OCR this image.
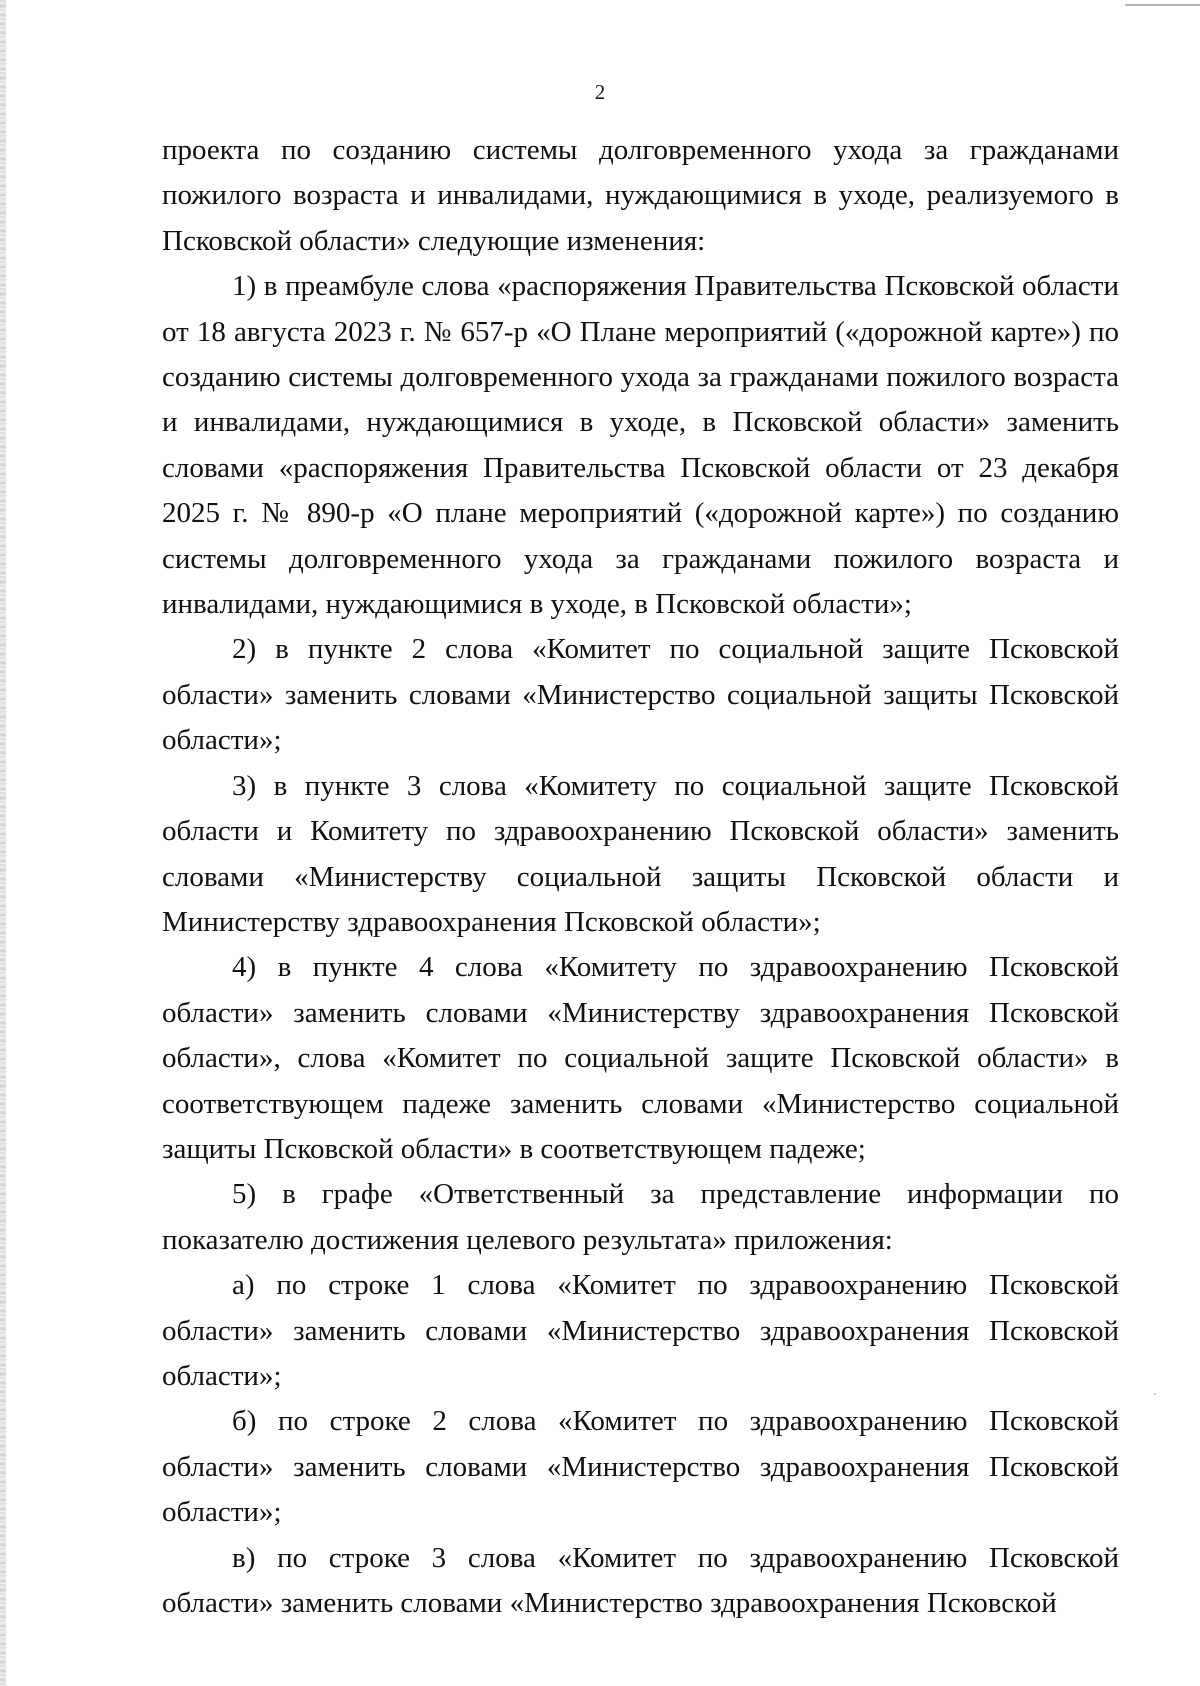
2

проекта по созданию системы долговременного ухода за гражданами пожилого возраста и инвалидами, нуждающимися в уходе, реализуемого в Псковской области» следующие изменения:

1) в преамбуле слова «распоряжения Правительства Псковской области от 18 августа 2023 г. № 657-р «О Плане мероприятий («дорожной карте») по созданию системы долговременного ухода за гражданами пожилого возраста и инвалидами, нуждающимися в уходе, в Псковской области» заменить словами «распоряжения Правительства Псковской области от 23 декабря 2025 г. № 890-р «О плане мероприятий («дорожной карте») по созданию системы долговременного ухода за гражданами пожилого возраста и инвалидами, нуждающимися в уходе, в Псковской области»;

2) в пункте 2 слова «Комитет по социальной защите Псковской области» заменить словами «Министерство социальной защиты Псковской области»;

3) в пункте 3 слова «Комитету по социальной защите Псковской области и Комитету по здравоохранению Псковской области» заменить словами «Министерству социальной защиты Псковской области и Министерству здравоохранения Псковской области»;

4) в пункте 4 слова «Комитету по здравоохранению Псковской области» заменить словами «Министерству здравоохранения Псковской области», слова «Комитет по социальной защите Псковской области» в соответствующем падеже заменить словами «Министерство социальной защиты Псковской области» в соответствующем падеже;

5) в графе «Ответственный за представление информации по показателю достижения целевого результата» приложения:

а) по строке 1 слова «Комитет по здравоохранению Псковской области» заменить словами «Министерство здравоохранения Псковской области»;

б) по строке 2 слова «Комитет по здравоохранению Псковской области» заменить словами «Министерство здравоохранения Псковской области»;

в) по строке 3 слова «Комитет по здравоохранению Псковской области» заменить словами «Министерство здравоохранения Псковской
